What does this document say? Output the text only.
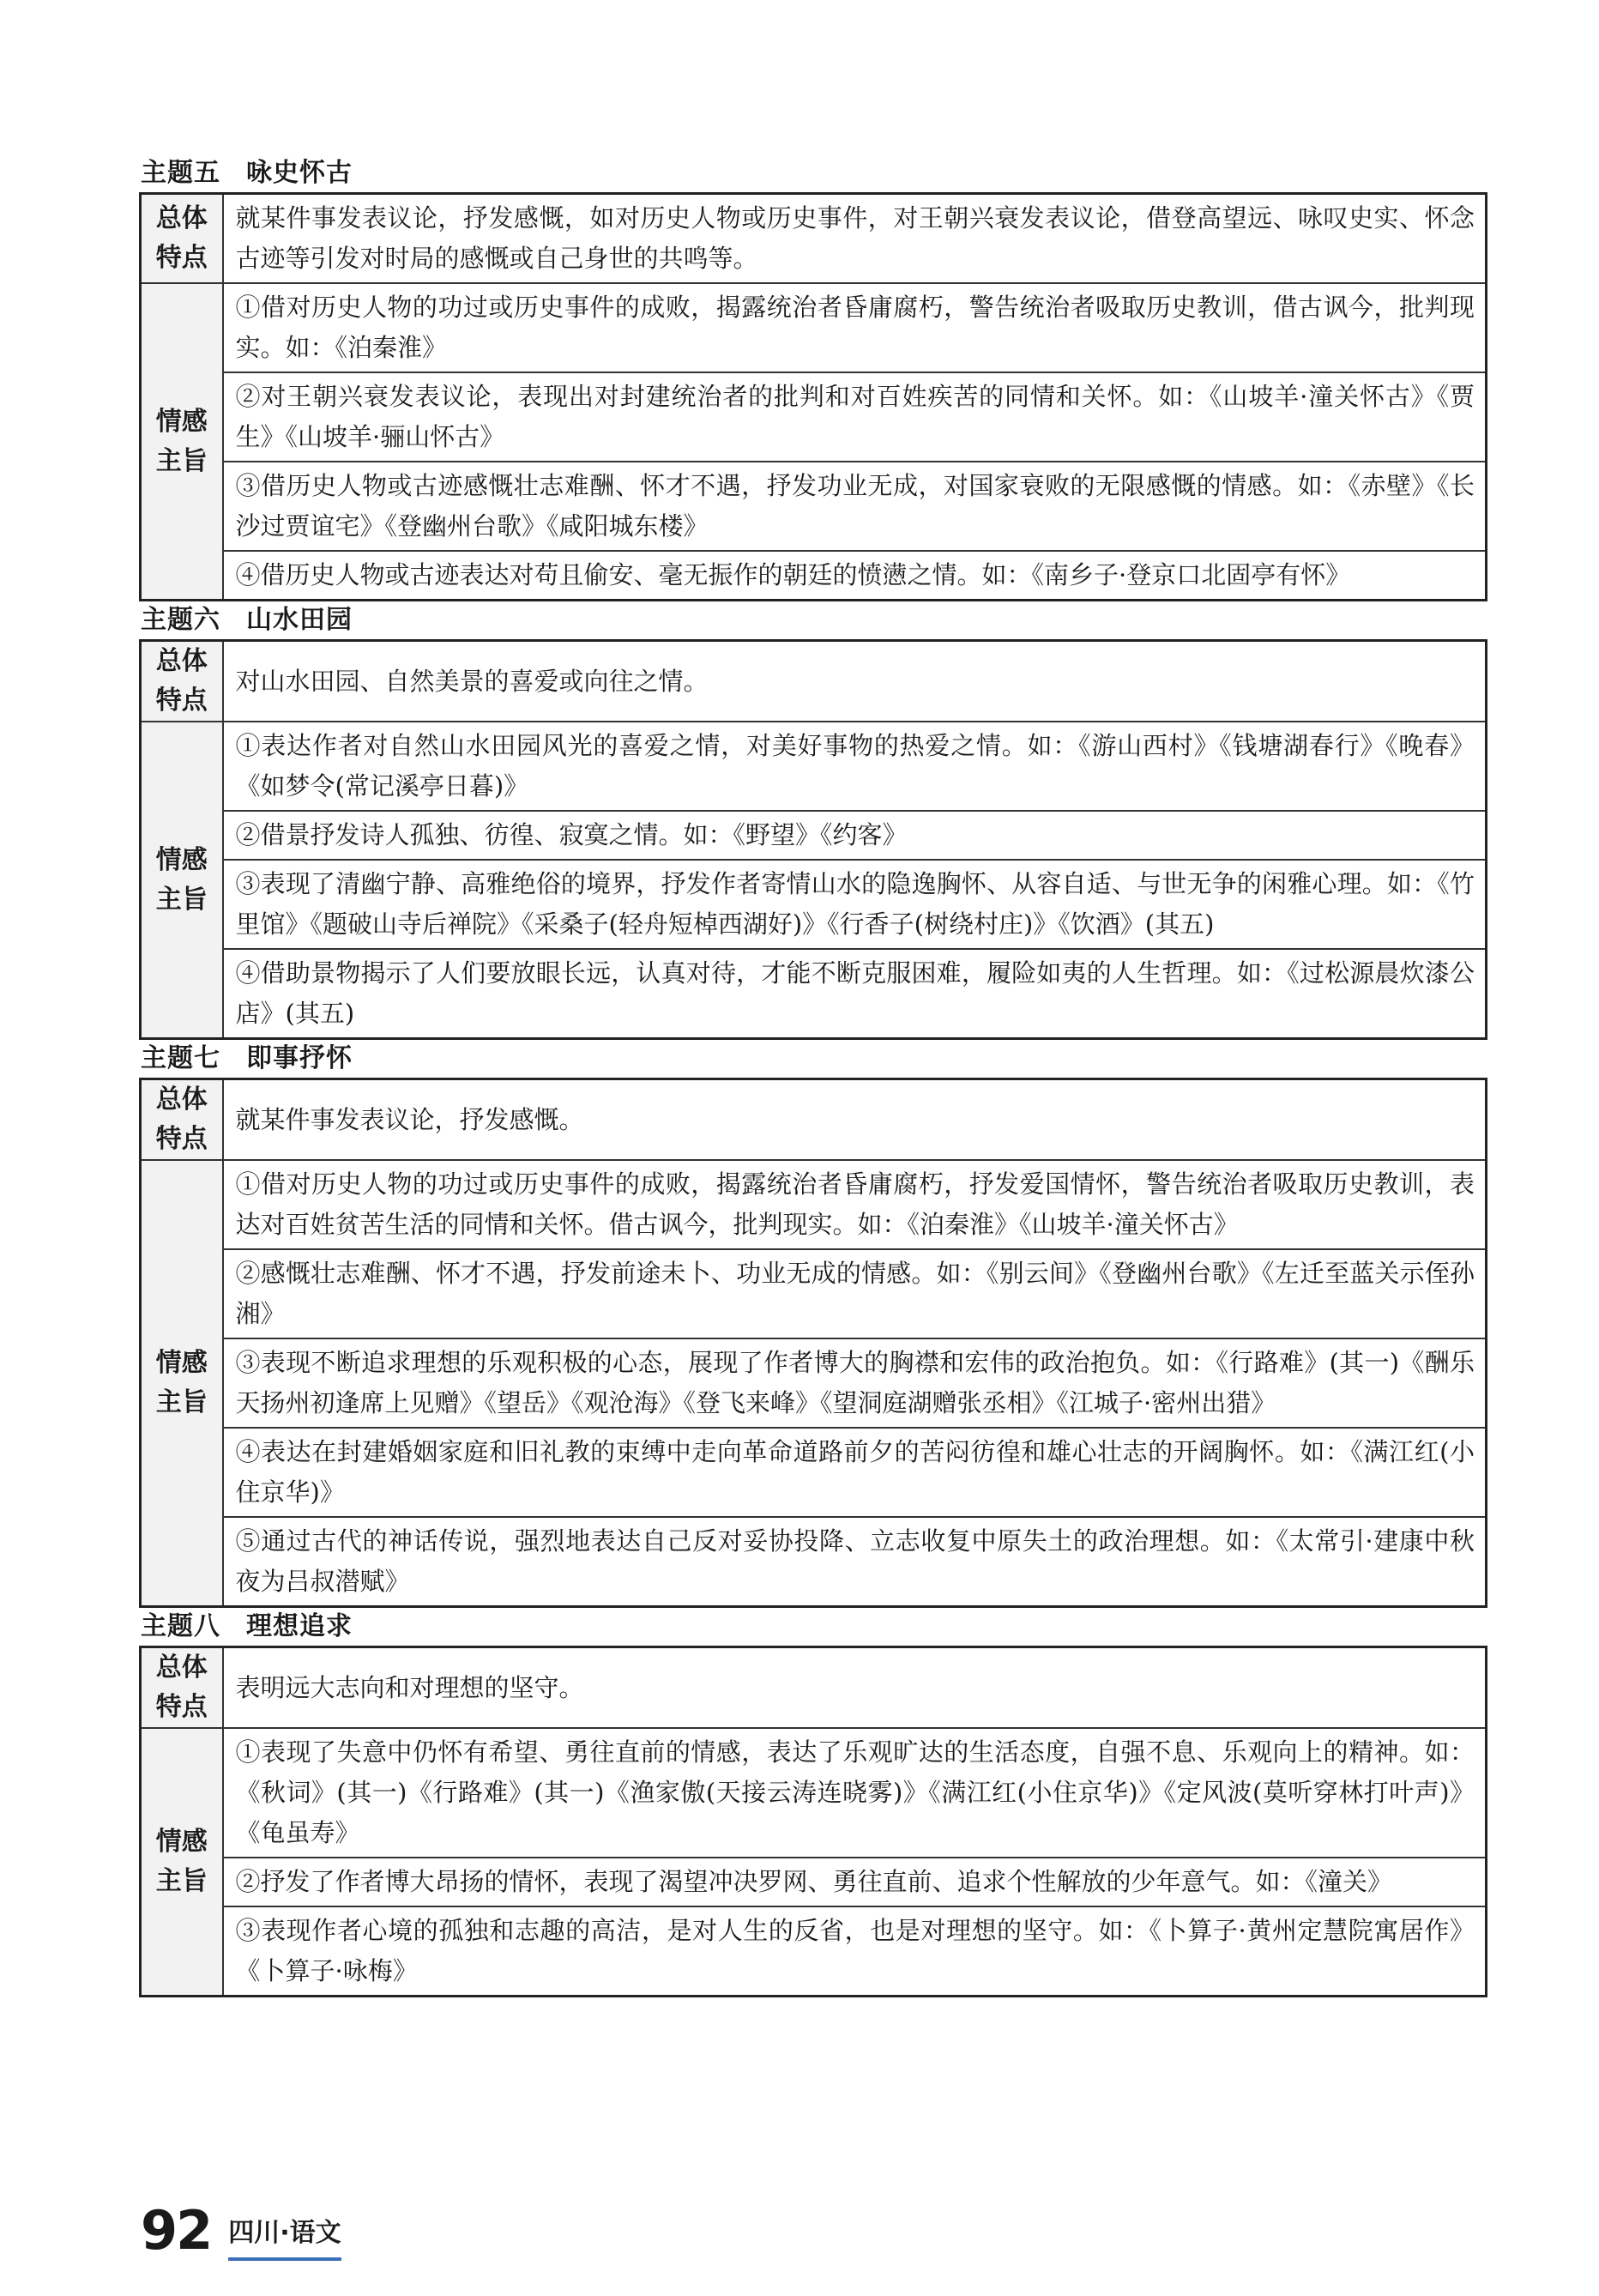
主题五 咏史怀古
总体
特点	就某件事发表议论，抒发感慨，如对历史人物或历史事件，对王朝兴衰发表议论，借登高望远、咏叹史实、怀念古迹等引发对时局的感慨或自己身世的共鸣等。
情感
主旨	①借对历史人物的功过或历史事件的成败，揭露统治者昏庸腐朽，警告统治者吸取历史教训，借古讽今，批判现实。如：《泊秦淮》
	②对王朝兴衰发表议论，表现出对封建统治者的批判和对百姓疾苦的同情和关怀。如：《山坡羊·潼关怀古》《贾生》《山坡羊·骊山怀古》
	③借历史人物或古迹感慨壮志难酬、怀才不遇，抒发功业无成，对国家衰败的无限感慨的情感。如：《赤壁》《长沙过贾谊宅》《登幽州台歌》《咸阳城东楼》
	④借历史人物或古迹表达对苟且偷安、毫无振作的朝廷的愤懑之情。如：《南乡子·登京口北固亭有怀》
主题六 山水田园
总体
特点	对山水田园、自然美景的喜爱或向往之情。
情感
主旨	①表达作者对自然山水田园风光的喜爱之情，对美好事物的热爱之情。如：《游山西村》《钱塘湖春行》《晚春》《如梦令(常记溪亭日暮)》
	②借景抒发诗人孤独、彷徨、寂寞之情。如：《野望》《约客》
	③表现了清幽宁静、高雅绝俗的境界，抒发作者寄情山水的隐逸胸怀、从容自适、与世无争的闲雅心理。如：《竹里馆》《题破山寺后禅院》《采桑子(轻舟短棹西湖好)》《行香子(树绕村庄)》《饮酒》(其五)
	④借助景物揭示了人们要放眼长远，认真对待，才能不断克服困难，履险如夷的人生哲理。如：《过松源晨炊漆公店》(其五)
主题七 即事抒怀
总体
特点	就某件事发表议论，抒发感慨。
情感
主旨	①借对历史人物的功过或历史事件的成败，揭露统治者昏庸腐朽，抒发爱国情怀，警告统治者吸取历史教训，表达对百姓贫苦生活的同情和关怀。借古讽今，批判现实。如：《泊秦淮》《山坡羊·潼关怀古》
	②感慨壮志难酬、怀才不遇，抒发前途未卜、功业无成的情感。如：《别云间》《登幽州台歌》《左迁至蓝关示侄孙湘》
	③表现不断追求理想的乐观积极的心态，展现了作者博大的胸襟和宏伟的政治抱负。如：《行路难》(其一)《酬乐天扬州初逢席上见赠》《望岳》《观沧海》《登飞来峰》《望洞庭湖赠张丞相》《江城子·密州出猎》
	④表达在封建婚姻家庭和旧礼教的束缚中走向革命道路前夕的苦闷彷徨和雄心壮志的开阔胸怀。如：《满江红(小住京华)》
	⑤通过古代的神话传说，强烈地表达自己反对妥协投降、立志收复中原失土的政治理想。如：《太常引·建康中秋夜为吕叔潜赋》
主题八 理想追求
总体
特点	表明远大志向和对理想的坚守。
情感
主旨	①表现了失意中仍怀有希望、勇往直前的情感，表达了乐观旷达的生活态度，自强不息、乐观向上的精神。如：《秋词》(其一)《行路难》(其一)《渔家傲(天接云涛连晓雾)》《满江红(小住京华)》《定风波(莫听穿林打叶声)》《龟虽寿》
	②抒发了作者博大昂扬的情怀，表现了渴望冲决罗网、勇往直前、追求个性解放的少年意气。如：《潼关》
	③表现作者心境的孤独和志趣的高洁，是对人生的反省，也是对理想的坚守。如：《卜算子·黄州定慧院寓居作》《卜算子·咏梅》
92 四川·语文
